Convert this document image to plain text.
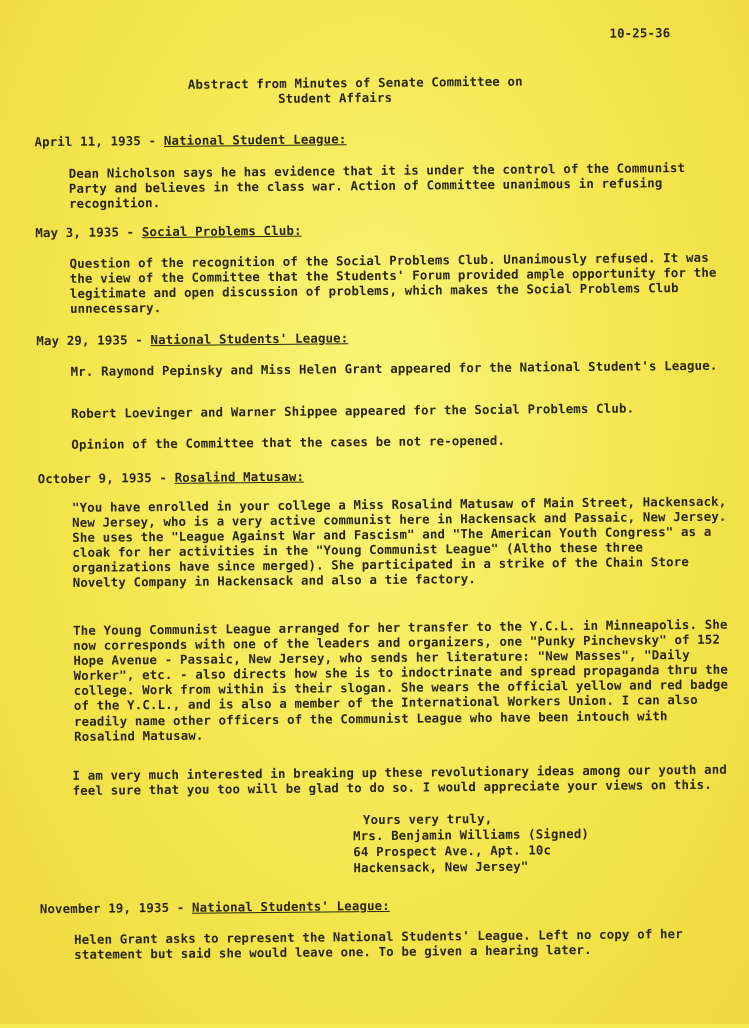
10-25-36
Abstract from Minutes of Senate Committee on
Student Affairs
April 11, 1935 - National Student League:
Dean Nicholson says he has evidence that it is under the control of the Communist Party and believes in the class war. Action of Committee unanimous in refusing recognition.
May 3, 1935 - Social Problems Club:
Question of the recognition of the Social Problems Club. Unanimously refused. It was the view of the Committee that the Students' Forum provided ample opportunity for the legitimate and open discussion of problems, which makes the Social Problems Club unnecessary.
May 29, 1935 - National Students' League:
Mr. Raymond Pepinsky and Miss Helen Grant appeared for the National Student's League.
Robert Loevinger and Warner Shippee appeared for the Social Problems Club.
Opinion of the Committee that the cases be not re-opened.
October 9, 1935 - Rosalind Matusaw:
"You have enrolled in your college a Miss Rosalind Matusaw of Main Street, Hackensack, New Jersey, who is a very active communist here in Hackensack and Passaic, New Jersey. She uses the "League Against War and Fascism" and "The American Youth Congress" as a cloak for her activities in the "Young Communist League" (Altho these three organizations have since merged). She participated in a strike of the Chain Store Novelty Company in Hackensack and also a tie factory.
The Young Communist League arranged for her transfer to the Y.C.L. in Minneapolis. She now corresponds with one of the leaders and organizers, one "Punky Pinchevsky" of 152 Hope Avenue - Passaic, New Jersey, who sends her literature: "New Masses", "Daily Worker", etc. - also directs how she is to indoctrinate and spread propaganda thru the college. Work from within is their slogan. She wears the official yellow and red badge of the Y.C.L., and is also a member of the International Workers Union. I can also readily name other officers of the Communist League who have been intouch with Rosalind Matusaw.
I am very much interested in breaking up these revolutionary ideas among our youth and feel sure that you too will be glad to do so. I would appreciate your views on this.
Yours very truly,
Mrs. Benjamin Williams (Signed)
64 Prospect Ave., Apt. 10c
Hackensack, New Jersey"
November 19, 1935 - National Students' League:
Helen Grant asks to represent the National Students' League. Left no copy of her statement but said she would leave one. To be given a hearing later.
